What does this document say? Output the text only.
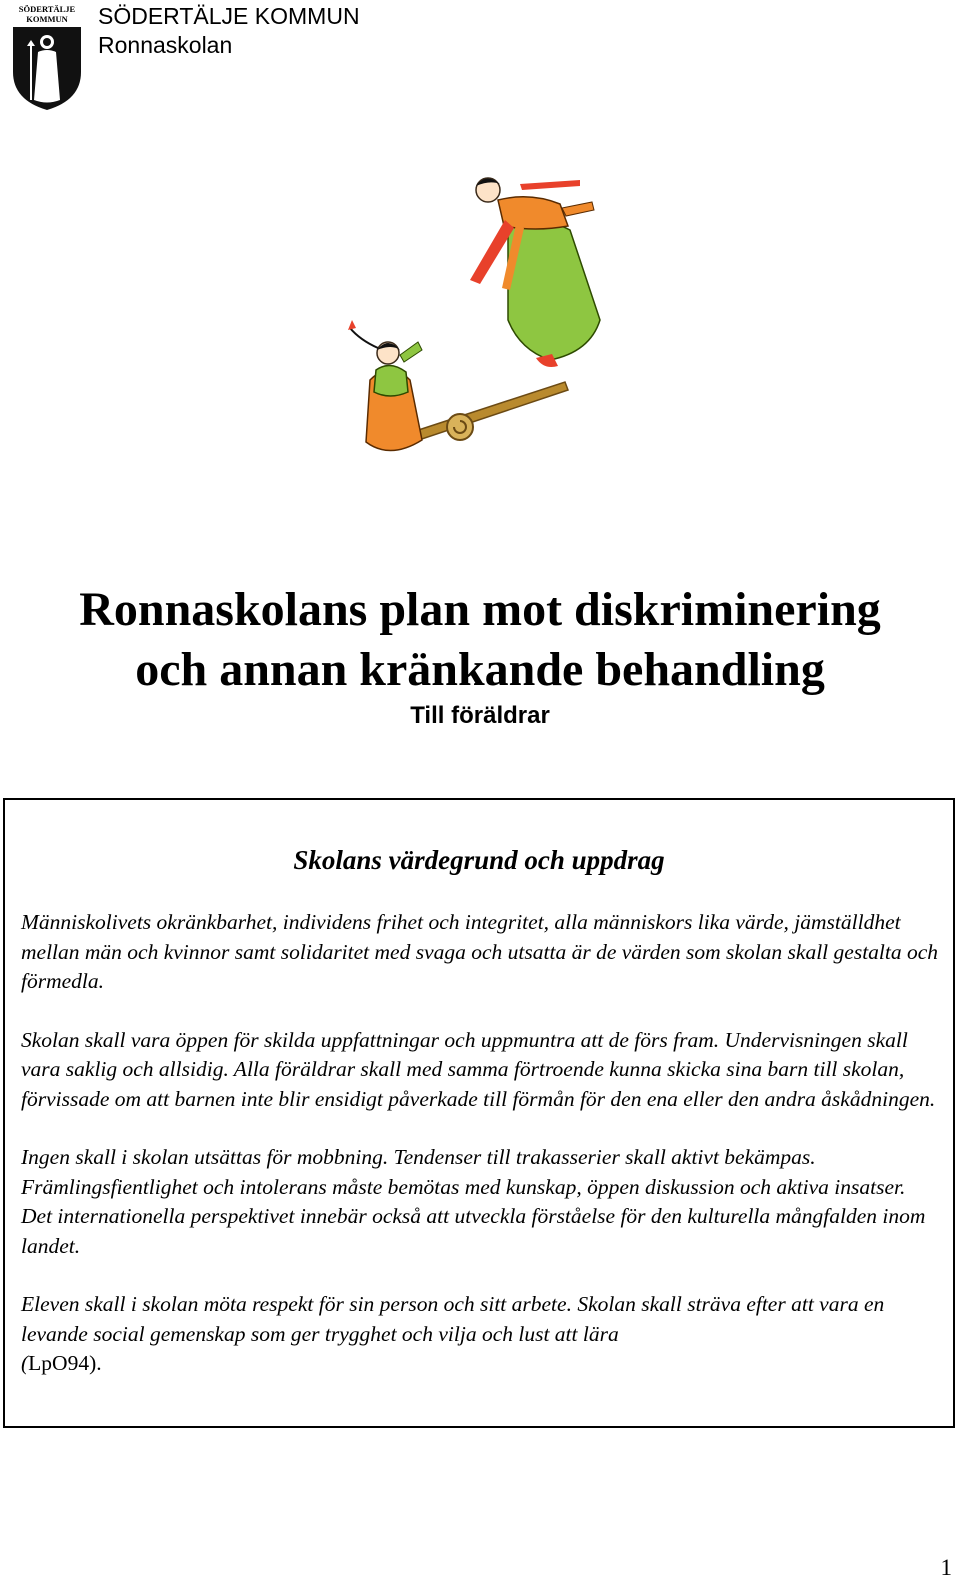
SÖDERTÄLJE
KOMMUN SÖDERTÄLJE KOMMUN
Ronnaskolan
Ronnaskolans plan mot diskriminering
och annan kränkande behandling
Till föräldrar
Skolans värdegrund och uppdrag

Människolivets okränkbarhet, individens frihet och integritet, alla människors lika värde, jämställdhet mellan män och kvinnor samt solidaritet med svaga och utsatta är de värden som skolan skall gestalta och förmedla.

Skolan skall vara öppen för skilda uppfattningar och uppmuntra att de förs fram. Undervisningen skall vara saklig och allsidig. Alla föräldrar skall med samma förtroende kunna skicka sina barn till skolan, förvissade om att barnen inte blir ensidigt påverkade till förmån för den ena eller den andra åskådningen.

Ingen skall i skolan utsättas för mobbning. Tendenser till trakasserier skall aktivt bekämpas. Främlingsfientlighet och intolerans måste bemötas med kunskap, öppen diskussion och aktiva insatser. Det internationella perspektivet innebär också att utveckla förståelse för den kulturella mångfalden inom landet.

Eleven skall i skolan möta respekt för sin person och sitt arbete. Skolan skall sträva efter att vara en levande social gemenskap som ger trygghet och vilja och lust att lära
(LpO94).

1
